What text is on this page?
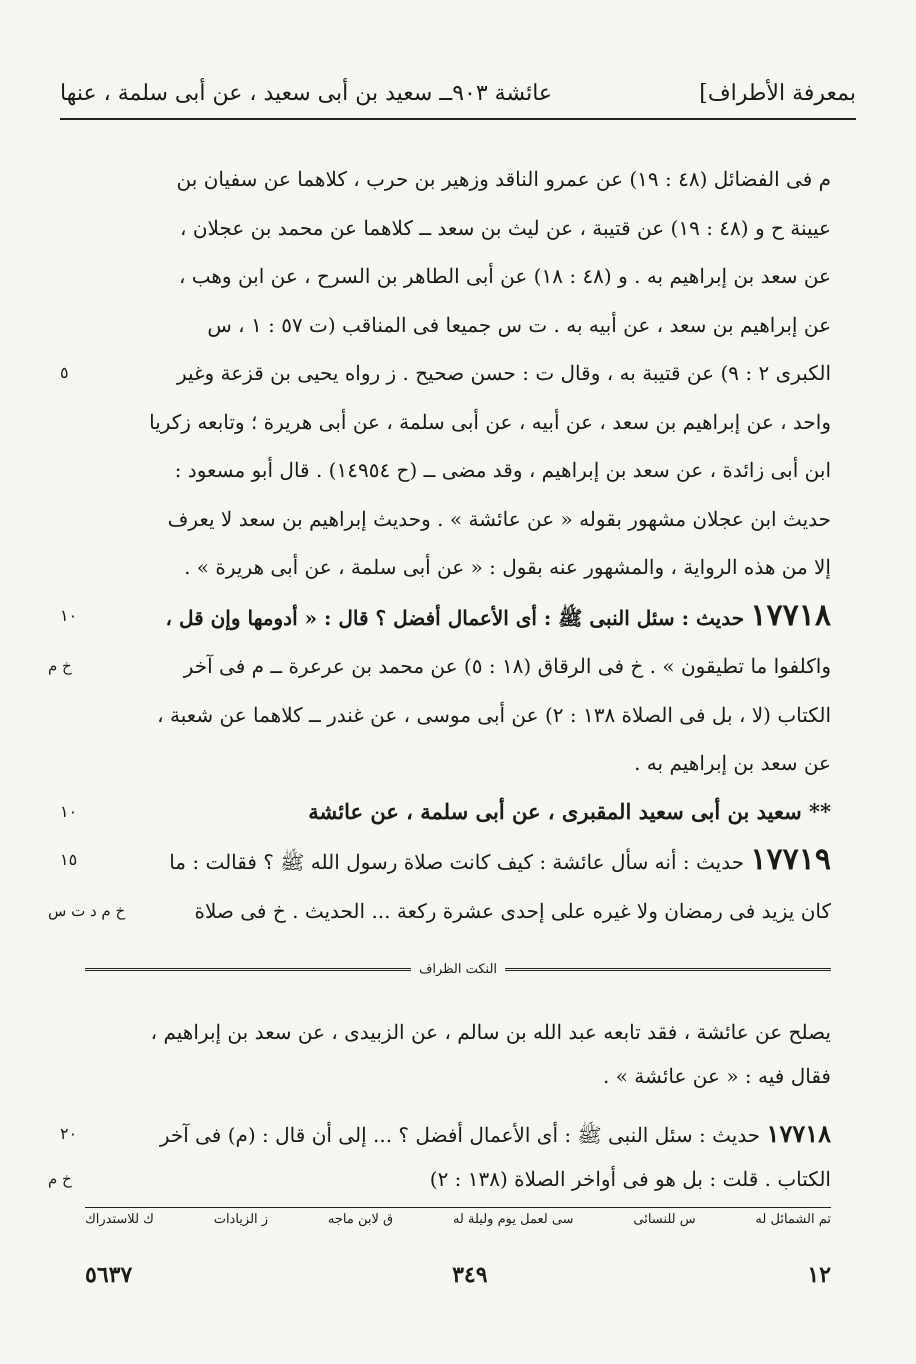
بمعرفة الأطراف]
عائشة ٩٠٣ــ سعيد بن أبى سعيد ، عن أبى سلمة ، عنها
م فى الفضائل (٤٨ : ١٩) عن عمرو الناقد وزهير بن حرب ، كلاهما عن سفيان بن
عيينة ح و (٤٨ : ١٩) عن قتيبة ، عن ليث بن سعد ــ كلاهما عن محمد بن عجلان ،
عن سعد بن إبراهيم به . و (٤٨ : ١٨) عن أبى الطاهر بن السرح ، عن ابن وهب ،
عن إبراهيم بن سعد ، عن أبيه به . ت س جميعا فى المناقب (ت ٥٧ : ١ ، س
الكبرى ٢ : ٩) عن قتيبة به ، وقال ت : حسن صحيح . ز رواه يحيى بن قزعة وغير
٥
واحد ، عن إبراهيم بن سعد ، عن أبيه ، عن أبى سلمة ، عن أبى هريرة ؛ وتابعه زكريا
ابن أبى زائدة ، عن سعد بن إبراهيم ، وقد مضى ــ (ح ١٤٩٥٤) . قال أبو مسعود :
حديث ابن عجلان مشهور بقوله « عن عائشة » . وحديث إبراهيم بن سعد لا يعرف
إلا من هذه الرواية ، والمشهور عنه بقول : « عن أبى سلمة ، عن أبى هريرة » .
١٧٧١٨ حديث : سئل النبى ﷺ : أى الأعمال أفضل ؟ قال : « أدومها وإن قل ،
١٠
خ م	واكلفوا ما تطيقون » . خ فى الرقاق (١٨ : ٥) عن محمد بن عرعرة ــ م فى آخر
الكتاب (لا ، بل فى الصلاة ١٣٨ : ٢) عن أبى موسى ، عن غندر ــ كلاهما عن شعبة ،
عن سعد بن إبراهيم به .
** سعيد بن أبى سعيد المقبرى ، عن أبى سلمة ، عن عائشة
١٠
١٧٧١٩ حديث : أنه سأل عائشة : كيف كانت صلاة رسول الله ﷺ ؟ فقالت : ما
١٥
خ م د ت س	كان يزيد فى رمضان ولا غيره على إحدى عشرة ركعة ... الحديث . خ فى صلاة
النكت الظراف
يصلح عن عائشة ، فقد تابعه عبد الله بن سالم ، عن الزبيدى ، عن سعد بن إبراهيم ،
فقال فيه : « عن عائشة » .
١٧٧١٨ حديث : سئل النبى ﷺ : أى الأعمال أفضل ؟ ... إلى أن قال : (م) فى آخر
٢٠
خ م	الكتاب . قلت : بل هو فى أواخر الصلاة (١٣٨ : ٢)
تم الشمائل له
س للنسائى
سى لعمل يوم وليلة له
ق لابن ماجه
ز الزيادات
ك للاستدراك
١٢
٣٤٩
٥٦٣٧
